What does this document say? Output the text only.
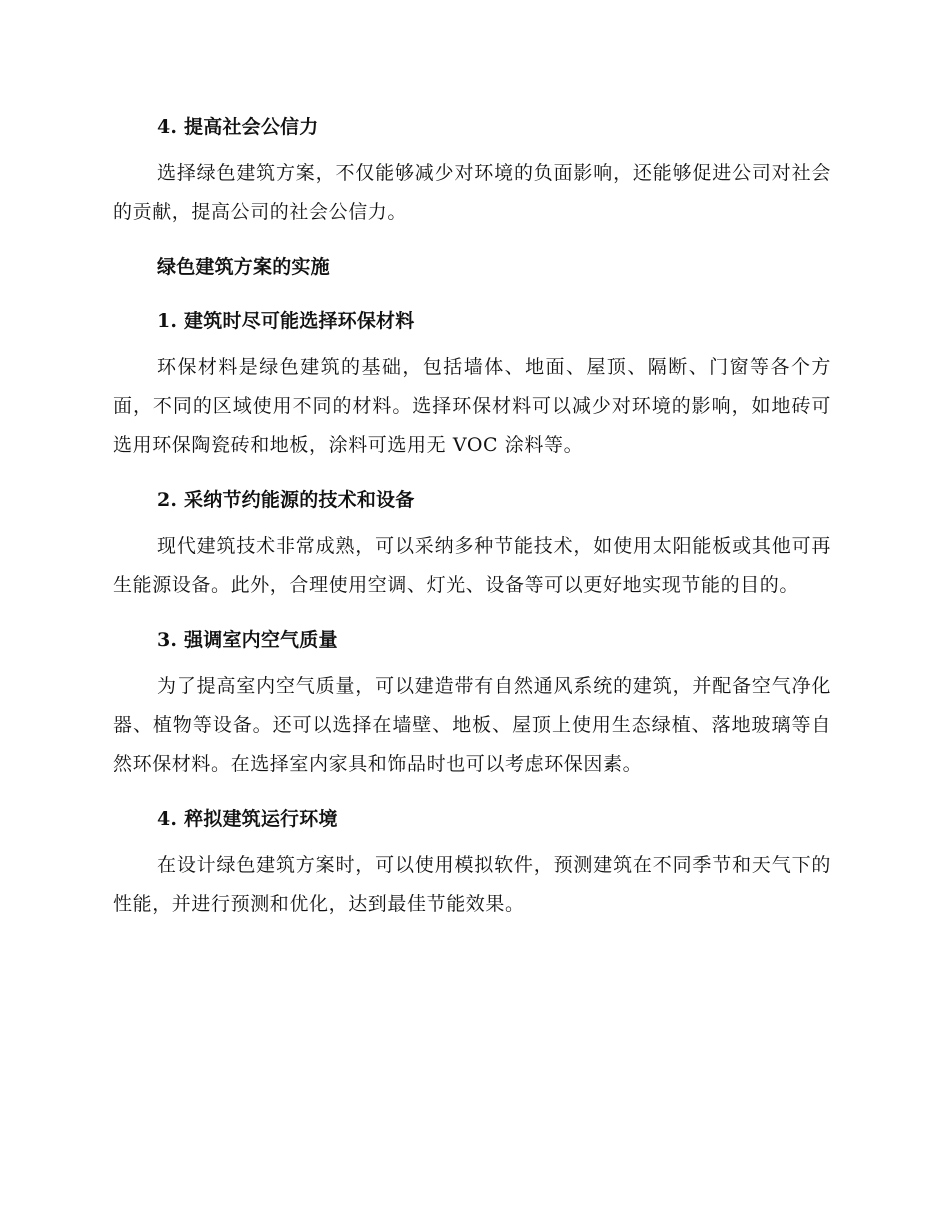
4. 提高社会公信力

选择绿色建筑方案，不仅能够减少对环境的负面影响，还能够促进公司对社会的贡献，提高公司的社会公信力。

绿色建筑方案的实施
1. 建筑时尽可能选择环保材料

环保材料是绿色建筑的基础，包括墙体、地面、屋顶、隔断、门窗等各个方面，不同的区域使用不同的材料。选择环保材料可以减少对环境的影响，如地砖可选用环保陶瓷砖和地板，涂料可选用无 VOC 涂料等。

2. 采纳节约能源的技术和设备

现代建筑技术非常成熟，可以采纳多种节能技术，如使用太阳能板或其他可再生能源设备。此外，合理使用空调、灯光、设备等可以更好地实现节能的目的。

3. 强调室内空气质量

为了提高室内空气质量，可以建造带有自然通风系统的建筑，并配备空气净化器、植物等设备。还可以选择在墙壁、地板、屋顶上使用生态绿植、落地玻璃等自然环保材料。在选择室内家具和饰品时也可以考虑环保因素。

4. 稡拟建筑运行环境

在设计绿色建筑方案时，可以使用模拟软件，预测建筑在不同季节和天气下的性能，并进行预测和优化，达到最佳节能效果。
